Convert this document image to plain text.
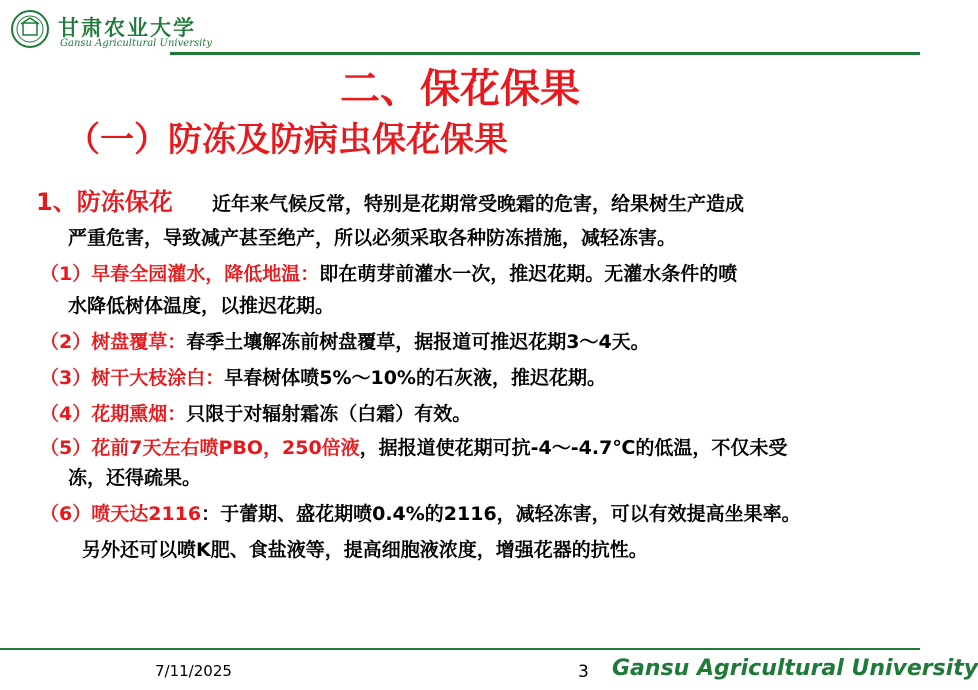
甘肃农业大学
Gansu Agricultural University
二、保花保果
（一）防冻及防病虫保花保果
1、防冻保花 近年来气候反常，特别是花期常受晚霜的危害，给果树生产造成
严重危害，导致减产甚至绝产，所以必须采取各种防冻措施，减轻冻害。
（1）早春全园灌水，降低地温：即在萌芽前灌水一次，推迟花期。无灌水条件的喷
水降低树体温度，以推迟花期。
（2）树盘覆草：春季土壤解冻前树盘覆草，据报道可推迟花期3～4天。
（3）树干大枝涂白：早春树体喷5%～10%的石灰液，推迟花期。
（4）花期熏烟：只限于对辐射霜冻（白霜）有效。
（5）花前7天左右喷PBO，250倍液，据报道使花期可抗-4～-4.7℃的低温，不仅未受
冻，还得疏果。
（6）喷天达2116：于蕾期、盛花期喷0.4%的2116，减轻冻害，可以有效提高坐果率。
另外还可以喷K肥、食盐液等，提高细胞液浓度，增强花器的抗性。
7/11/2025	3 Gansu Agricultural University
